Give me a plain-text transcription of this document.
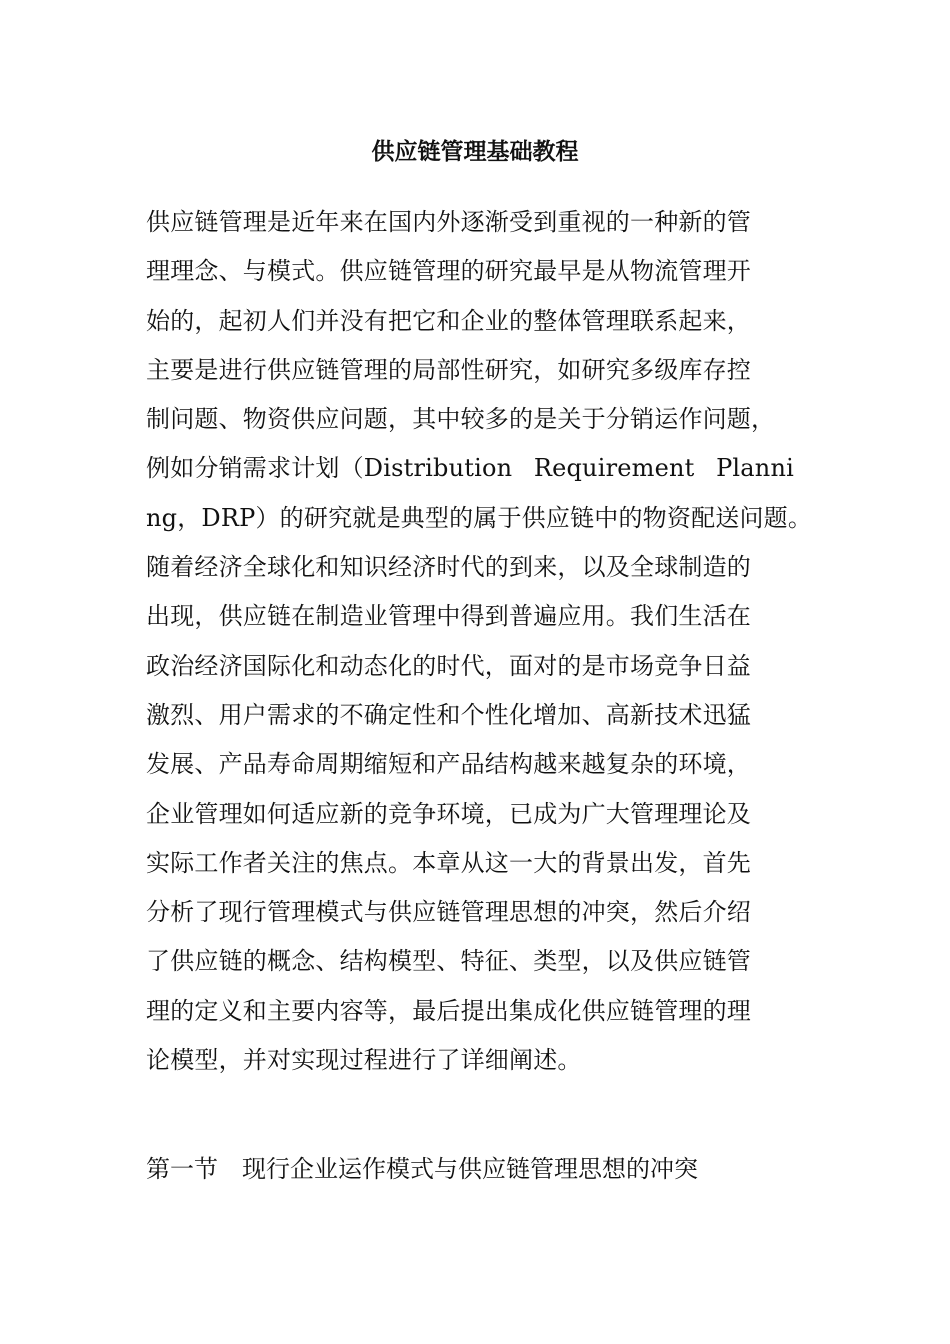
供应链管理基础教程
供应链管理是近年来在国内外逐渐受到重视的一种新的管
理理念、与模式。供应链管理的研究最早是从物流管理开
始的，起初人们并没有把它和企业的整体管理联系起来，
主要是进行供应链管理的局部性研究，如研究多级库存控
制问题、物资供应问题，其中较多的是关于分销运作问题，
例如分销需求计划（Distribution Requirement Planni
ng，DRP）的研究就是典型的属于供应链中的物资配送问题。
随着经济全球化和知识经济时代的到来，以及全球制造的
出现，供应链在制造业管理中得到普遍应用。我们生活在
政治经济国际化和动态化的时代，面对的是市场竞争日益
激烈、用户需求的不确定性和个性化增加、高新技术迅猛
发展、产品寿命周期缩短和产品结构越来越复杂的环境，
企业管理如何适应新的竞争环境，已成为广大管理理论及
实际工作者关注的焦点。本章从这一大的背景出发，首先
分析了现行管理模式与供应链管理思想的冲突，然后介绍
了供应链的概念、结构模型、特征、类型，以及供应链管
理的定义和主要内容等，最后提出集成化供应链管理的理
论模型，并对实现过程进行了详细阐述。
第一节　现行企业运作模式与供应链管理思想的冲突
